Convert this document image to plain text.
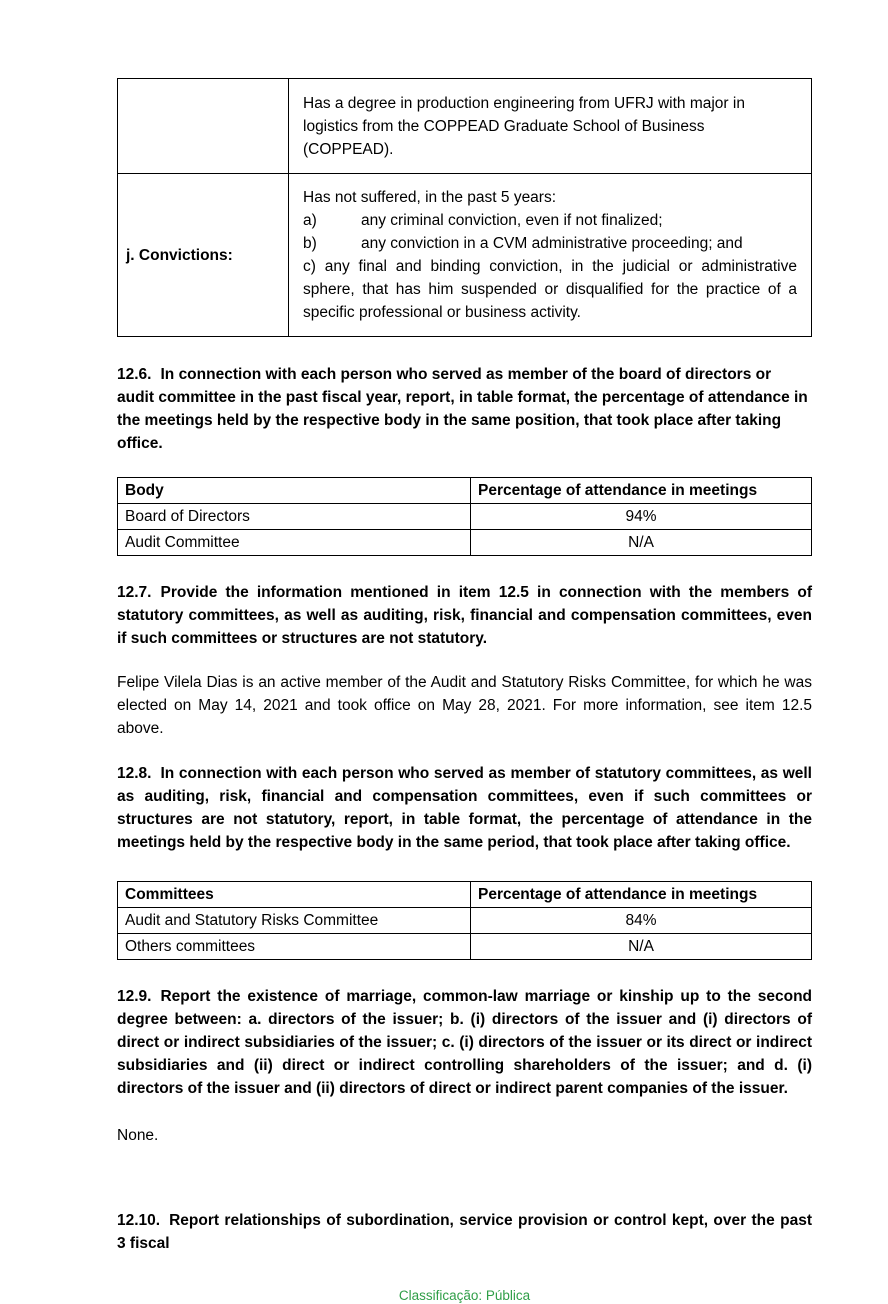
	Has a degree in production engineering from UFRJ with major in logistics from the COPPEAD Graduate School of Business (COPPEAD).

j. Convictions:	Has not suffered, in the past 5 years:

a) any criminal conviction, even if not finalized;

b) any conviction in a CVM administrative proceeding; and

c) any final and binding conviction, in the judicial or administrative sphere, that has him suspended or disqualified for the practice of a specific professional or business activity.

12.6. In connection with each person who served as member of the board of directors or audit committee in the past fiscal year, report, in table format, the percentage of attendance in the meetings held by the respective body in the same position, that took place after taking office.

Body	Percentage of attendance in meetings
Board of Directors	94%
Audit Committee	N/A

12.7. Provide the information mentioned in item 12.5 in connection with the members of statutory committees, as well as auditing, risk, financial and compensation committees, even if such committees or structures are not statutory.

Felipe Vilela Dias is an active member of the Audit and Statutory Risks Committee, for which he was elected on May 14, 2021 and took office on May 28, 2021. For more information, see item 12.5 above.

12.8. In connection with each person who served as member of statutory committees, as well as auditing, risk, financial and compensation committees, even if such committees or structures are not statutory, report, in table format, the percentage of attendance in the meetings held by the respective body in the same period, that took place after taking office.

Committees	Percentage of attendance in meetings
Audit and Statutory Risks Committee	84%
Others committees	N/A

12.9. Report the existence of marriage, common-law marriage or kinship up to the second degree between: a. directors of the issuer; b. (i) directors of the issuer and (i) directors of direct or indirect subsidiaries of the issuer; c. (i) directors of the issuer or its direct or indirect subsidiaries and (ii) direct or indirect controlling shareholders of the issuer; and d. (i) directors of the issuer and (ii) directors of direct or indirect parent companies of the issuer.

None.

12.10. Report relationships of subordination, service provision or control kept, over the past 3 fiscal

Classificação: Pública
